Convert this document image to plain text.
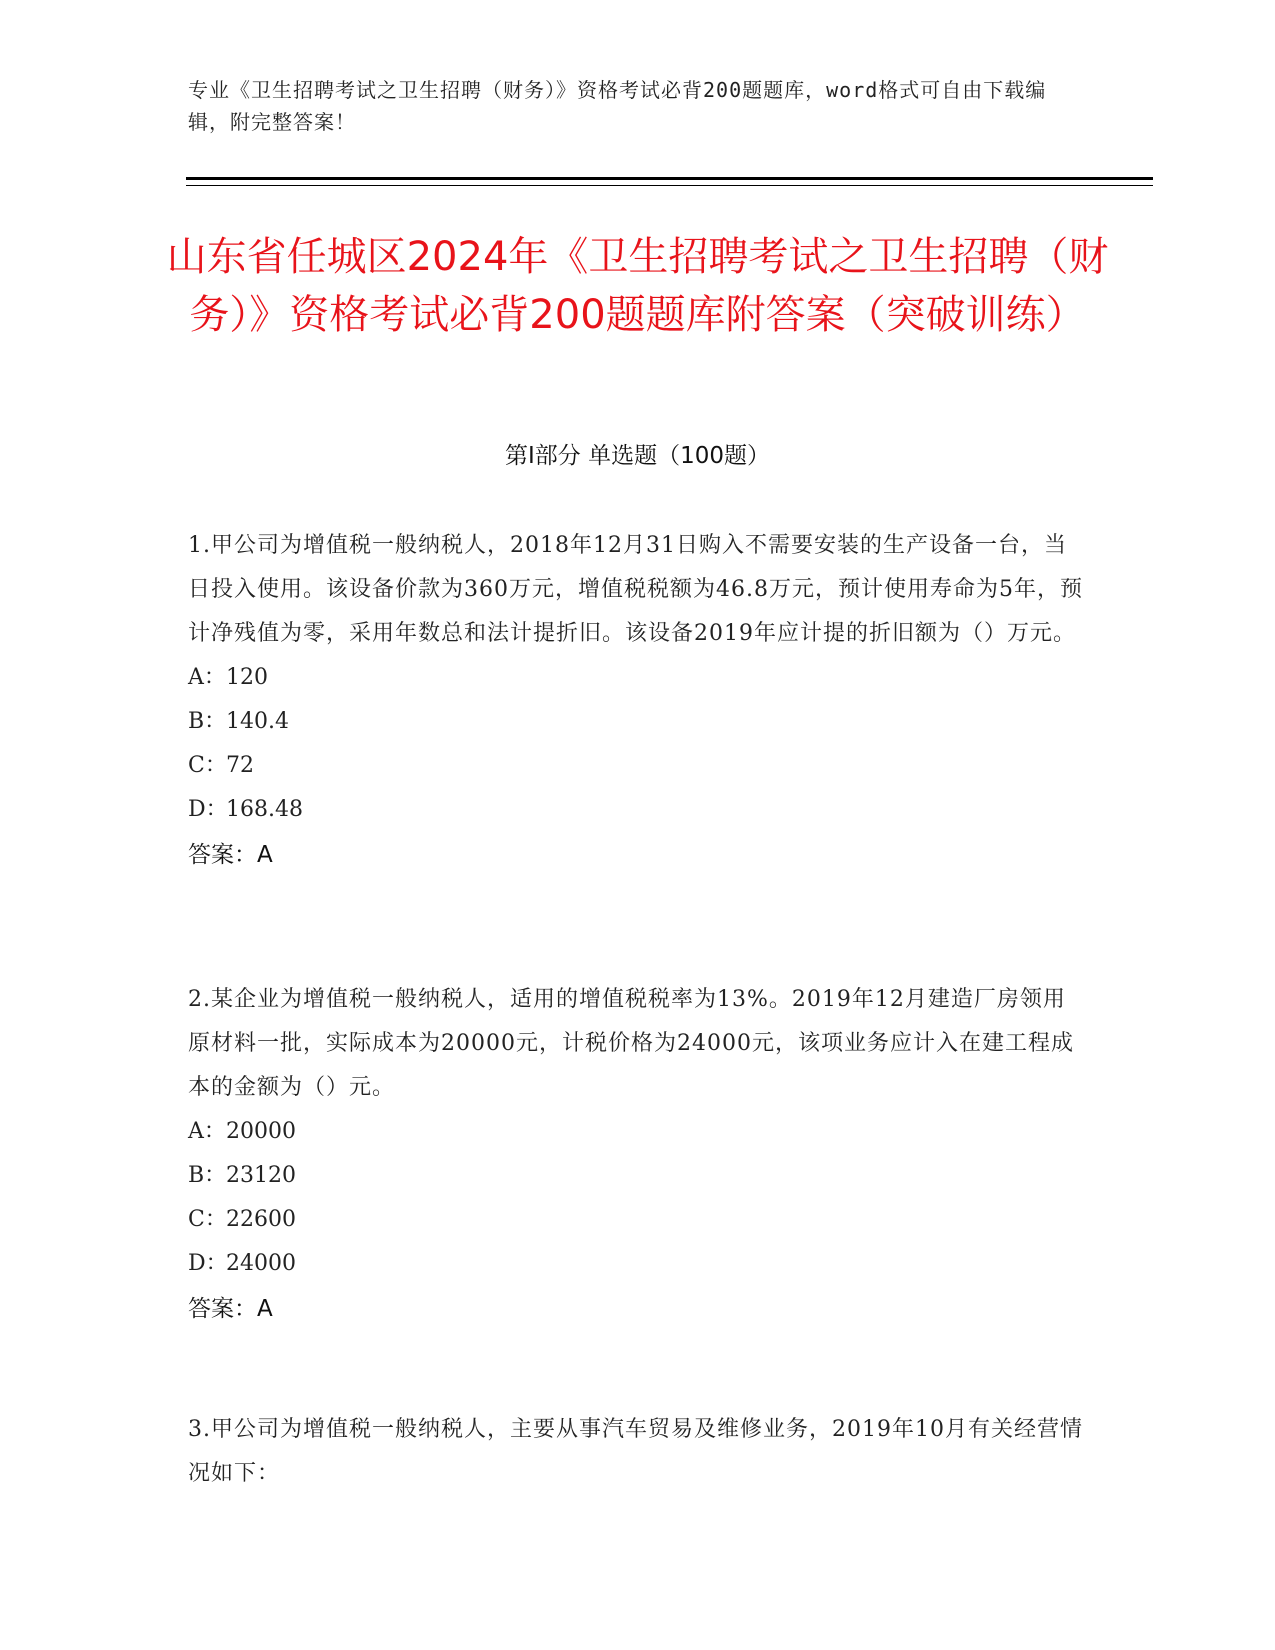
专业《卫生招聘考试之卫生招聘（财务）》资格考试必背200题题库，word格式可自由下载编辑，附完整答案！
山东省任城区2024年《卫生招聘考试之卫生招聘（财务）》资格考试必背200题题库附答案（突破训练）
第Ⅰ部分 单选题（100题）

1.甲公司为增值税一般纳税人，2018年12月31日购入不需要安装的生产设备一台，当日投入使用。该设备价款为360万元，增值税税额为46.8万元，预计使用寿命为5年，预计净残值为零，采用年数总和法计提折旧。该设备2019年应计提的折旧额为（）万元。

A：120

B：140.4

C：72

D：168.48

答案：A

2.某企业为增值税一般纳税人，适用的增值税税率为13%。2019年12月建造厂房领用原材料一批，实际成本为20000元，计税价格为24000元，该项业务应计入在建工程成本的金额为（）元。

A：20000

B：23120

C：22600

D：24000

答案：A

3.甲公司为增值税一般纳税人，主要从事汽车贸易及维修业务，2019年10月有关经营情况如下：
